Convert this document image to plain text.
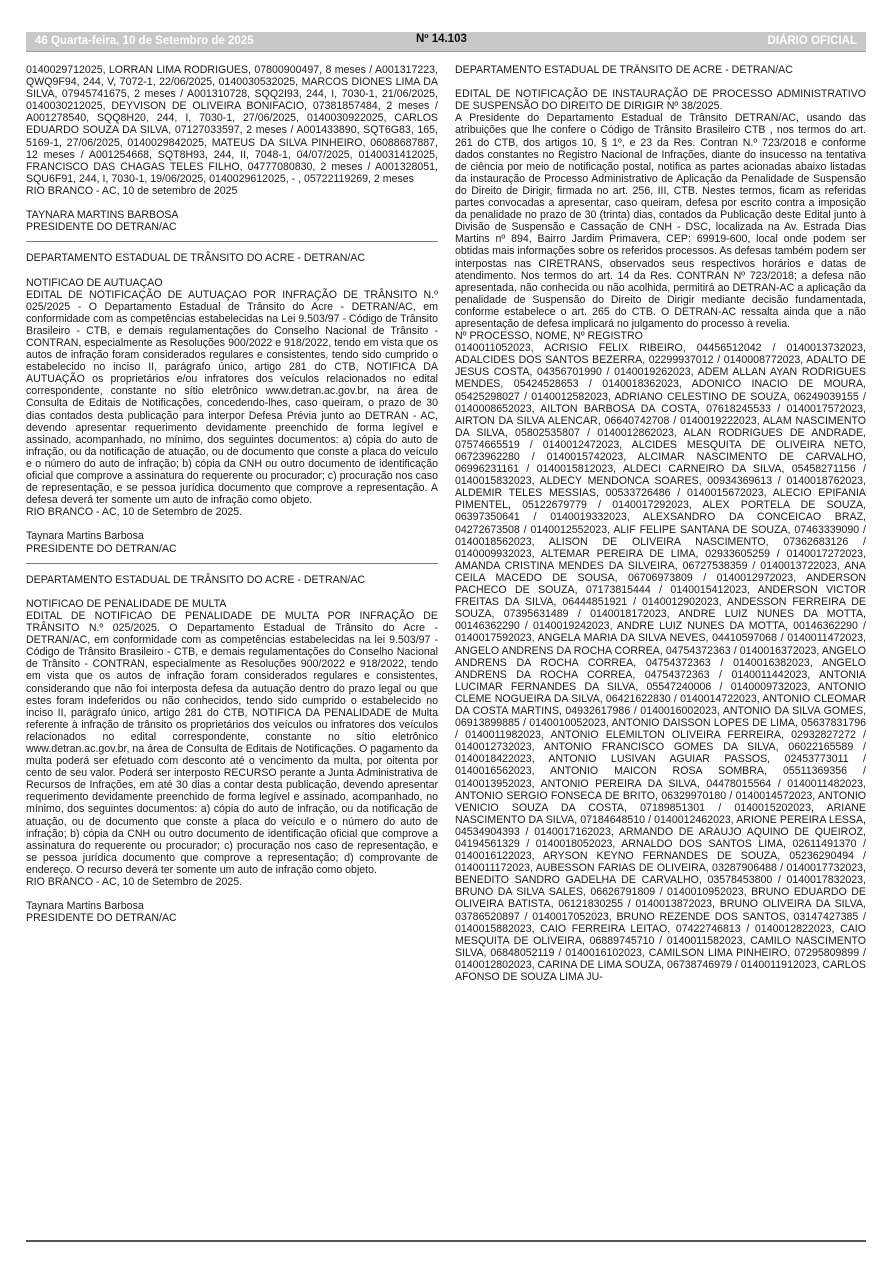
46 Quarta-feira, 10 de Setembro de 2025	Nº 14.103	DIÁRIO OFICIAL

0140029712025, LORRAN LIMA RODRIGUES, 07800900497, 8 meses / A001317223, QWQ9F94, 244, V, 7072-1, 22/06/2025, 0140030532025, MARCOS DIONES LIMA DA SILVA, 07945741675, 2 meses / A001310728, SQQ2I93, 244, I, 7030-1, 21/06/2025, 0140030212025, DEYVISON DE OLIVEIRA BONIFACIO, 07381857484, 2 meses / A001278540, SQQ8H20, 244, I, 7030-1, 27/06/2025, 0140030922025, CARLOS EDUARDO SOUZA DA SILVA, 07127033597, 2 meses / A001433890, SQT6G83, 165, 5169-1, 27/06/2025, 0140029842025, MATEUS DA SILVA PINHEIRO, 06088687887, 12 meses / A001254668, SQT8H93, 244, II, 7048-1, 04/07/2025, 0140031412025, FRANCISCO DAS CHAGAS TELES FILHO, 04777080830, 2 meses / A001328051, SQU6F91, 244, I, 7030-1, 19/06/2025, 0140029612025, - , 05722119269, 2 meses

RIO BRANCO - AC, 10 de setembro de 2025

TAYNARA MARTINS BARBOSA

PRESIDENTE DO DETRAN/AC

DEPARTAMENTO ESTADUAL DE TRÂNSITO DO ACRE - DETRAN/AC

NOTIFICAO DE AUTUAÇAO

EDITAL DE NOTIFICAÇÃO DE AUTUAÇAO POR INFRAÇÃO DE TRÂNSITO N.º 025/2025 - O Departamento Estadual de Trânsito do Acre - DETRAN/AC, em conformidade com as competências estabelecidas na Lei 9.503/97 - Código de Trânsito Brasileiro - CTB, e demais regulamentações do Conselho Nacional de Trânsito - CONTRAN, especialmente as Resoluções 900/2022 e 918/2022, tendo em vista que os autos de infração foram considerados regulares e consistentes, tendo sido cumprido o estabelecido no inciso II, parágrafo único, artigo 281 do CTB, NOTIFICA DA AUTUAÇÃO os proprietários e/ou infratores dos veículos relacionados no edital correspondente, constante no sítio eletrônico www.detran.ac.gov.br, na área de Consulta de Editais de Notificações, concedendo-lhes, caso queiram, o prazo de 30 dias contados desta publicação para interpor Defesa Prévia junto ao DETRAN - AC, devendo apresentar requerimento devidamente preenchido de forma legível e assinado, acompanhado, no mínimo, dos seguintes documentos: a) cópia do auto de infração, ou da notificação de atuação, ou de documento que conste a placa do veículo e o número do auto de infração; b) cópia da CNH ou outro documento de identificação oficial que comprove a assinatura do requerente ou procurador; c) procuração nos caso de representação, e se pessoa jurídica documento que comprove a representação. A defesa deverá ter somente um auto de infração como objeto.

RIO BRANCO - AC, 10 de Setembro de 2025.

Taynara Martins Barbosa

PRESIDENTE DO DETRAN/AC

DEPARTAMENTO ESTADUAL DE TRÂNSITO DO ACRE - DETRAN/AC

NOTIFICAO DE PENALIDADE DE MULTA

EDITAL DE NOTIFICAO DE PENALIDADE DE MULTA POR INFRAÇÃO DE TRÂNSITO N.º 025/2025. O Departamento Estadual de Trânsito do Acre - DETRAN/AC, em conformidade com as competências estabelecidas na lei 9.503/97 - Código de Trânsito Brasileiro - CTB, e demais regulamentações do Conselho Nacional de Trânsito - CONTRAN, especialmente as Resoluções 900/2022 e 918/2022, tendo em vista que os autos de infração foram considerados regulares e consistentes, considerando que não foi interposta defesa da autuação dentro do prazo legal ou que estes foram indeferidos ou não conhecidos, tendo sido cumprido o estabelecido no inciso II, parágrafo único, artigo 281 do CTB, NOTIFICA DA PENALIDADE de Multa referente à infração de trânsito os proprietários dos veículos ou infratores dos veículos relacionados no edital correspondente, constante no sítio eletrônico www.detran.ac.gov.br, na área de Consulta de Editais de Notificações. O pagamento da multa poderá ser efetuado com desconto até o vencimento da multa, por oitenta por cento de seu valor. Poderá ser interposto RECURSO perante a Junta Administrativa de Recursos de Infrações, em até 30 dias a contar desta publicação, devendo apresentar requerimento devidamente preenchido de forma legível e assinado, acompanhado, no mínimo, dos seguintes documentos: a) cópia do auto de infração, ou da notificação de atuação, ou de documento que conste a placa do veículo e o número do auto de infração; b) cópia da CNH ou outro documento de identificação oficial que comprove a assinatura do requerente ou procurador; c) procuração nos caso de representação, e se pessoa jurídica documento que comprove a representação; d) comprovante de endereço. O recurso deverá ter somente um auto de infração como objeto.

RIO BRANCO - AC, 10 de Setembro de 2025.

Taynara Martins Barbosa

PRESIDENTE DO DETRAN/AC

DEPARTAMENTO ESTADUAL DE TRÂNSITO DE ACRE - DETRAN/AC

EDITAL DE NOTIFICAÇÃO DE INSTAURAÇÃO DE PROCESSO ADMINISTRATIVO DE SUSPENSÃO DO DIREITO DE DIRIGIR Nº 38/2025.

A Presidente do Departamento Estadual de Trânsito DETRAN/AC, usando das atribuições que lhe confere o Código de Trânsito Brasileiro CTB , nos termos do art. 261 do CTB, dos artigos 10, § 1º, e 23 da Res. Contran N.º 723/2018 e conforme dados constantes no Registro Nacional de Infrações, diante do insucesso na tentativa de ciência por meio de notificação postal, notifica as partes acionadas abaixo listadas da instauração de Processo Administrativo de Aplicação da Penalidade de Suspensão do Direito de Dirigir, firmada no art. 256, III, CTB. Nestes termos, ficam as referidas partes convocadas a apresentar, caso queiram, defesa por escrito contra a imposição da penalidade no prazo de 30 (trinta) dias, contados da Publicação deste Edital junto à Divisão de Suspensão e Cassação de CNH - DSC, localizada na Av. Estrada Dias Martins nº 894, Bairro Jardim Primavera, CEP: 69919-600, local onde podem ser obtidas mais informações sobre os referidos processos. As defesas também podem ser interpostas nas CIRETRANS, observados seus respectivos horários e datas de atendimento. Nos termos do art. 14 da Res. CONTRAN Nº 723/2018; a defesa não apresentada, não conhecida ou não acolhida, permitirá ao DETRAN-AC a aplicação da penalidade de Suspensão do Direito de Dirigir mediante decisão fundamentada, conforme estabelece o art. 265 do CTB. O DETRAN-AC ressalta ainda que a não apresentação de defesa implicará no julgamento do processo à revelia.

Nº PROCESSO, NOME, Nº REGISTRO

0140011052023, ACRISIO FELIX RIBEIRO, 04456512042 / 0140013732023, ADALCIDES DOS SANTOS BEZERRA, 02299937012 / 0140008772023, ADALTO DE JESUS COSTA, 04356701990 / 0140019262023, ADEM ALLAN AYAN RODRIGUES MENDES, 05424528653 / 0140018362023, ADONICO INACIO DE MOURA, 05425298027 / 0140012582023, ADRIANO CELESTINO DE SOUZA, 06249039155 / 0140008652023, AILTON BARBOSA DA COSTA, 07618245533 / 0140017572023, AIRTON DA SILVA ALENCAR, 06640742708 / 0140019222023, ALAM NASCIMENTO DA SILVA, 05802535807 / 0140012862023, ALAN RODRIGUES DE ANDRADE, 07574665519 / 0140012472023, ALCIDES MESQUITA DE OLIVEIRA NETO, 06723962280 / 0140015742023, ALCIMAR NASCIMENTO DE CARVALHO, 06996231161 / 0140015812023, ALDECI CARNEIRO DA SILVA, 05458271156 / 0140015832023, ALDECY MENDONCA SOARES, 00934369613 / 0140018762023, ALDEMIR TELES MESSIAS, 00533726486 / 0140015672023, ALECIO EPIFANIA PIMENTEL, 05122679779 / 0140017292023, ALEX PORTELA DE SOUZA, 06397350641 / 0140019332023, ALEXSANDRO DA CONCEICAO BRAZ, 04272673508 / 0140012552023, ALIF FELIPE SANTANA DE SOUZA, 07463339090 / 0140018562023, ALISON DE OLIVEIRA NASCIMENTO, 07362683126 / 0140009932023, ALTEMAR PEREIRA DE LIMA, 02933605259 / 0140017272023, AMANDA CRISTINA MENDES DA SILVEIRA, 06727538359 / 0140013722023, ANA CEILA MACEDO DE SOUSA, 06706973809 / 0140012972023, ANDERSON PACHECO DE SOUZA, 07173815444 / 0140015412023, ANDERSON VICTOR FREITAS DA SILVA, 06444851921 / 0140012902023, ANDESSON FERREIRA DE SOUZA, 07395631489 / 0140018172023, ANDRE LUIZ NUNES DA MOTTA, 00146362290 / 0140019242023, ANDRE LUIZ NUNES DA MOTTA, 00146362290 / 0140017592023, ANGELA MARIA DA SILVA NEVES, 04410597068 / 0140011472023, ANGELO ANDRENS DA ROCHA CORREA, 04754372363 / 0140016372023, ANGELO ANDRENS DA ROCHA CORREA, 04754372363 / 0140016382023, ANGELO ANDRENS DA ROCHA CORREA, 04754372363 / 0140011442023, ANTONIA LUCIMAR FERNANDES DA SILVA, 05547240006 / 0140009732023, ANTONIO CLEME NOGUEIRA DA SILVA, 06421622830 / 0140014722023, ANTONIO CLEOMAR DA COSTA MARTINS, 04932617986 / 0140016002023, ANTONIO DA SILVA GOMES, 06913899885 / 0140010052023, ANTONIO DAISSON LOPES DE LIMA, 05637831796 / 0140011982023, ANTONIO ELEMILTON OLIVEIRA FERREIRA, 02932827272 / 0140012732023, ANTONIO FRANCISCO GOMES DA SILVA, 06022165589 / 0140018422023, ANTONIO LUSIVAN AGUIAR PASSOS, 02453773011 / 0140016562023, ANTONIO MAICON ROSA SOMBRA, 05511369356 / 0140013952023, ANTONIO PEREIRA DA SILVA, 04478015564 / 0140011482023, ANTONIO SERGIO FONSECA DE BRITO, 06329970180 / 0140014572023, ANTONIO VENICIO SOUZA DA COSTA, 07189851301 / 0140015202023, ARIANE NASCIMENTO DA SILVA, 07184648510 / 0140012462023, ARIONE PEREIRA LESSA, 04534904393 / 0140017162023, ARMANDO DE ARAUJO AQUINO DE QUEIROZ, 04194561329 / 0140018052023, ARNALDO DOS SANTOS LIMA, 02611491370 / 0140016122023, ARYSON KEYNO FERNANDES DE SOUZA, 05236290494 / 0140011172023, AUBESSON FARIAS DE OLIVEIRA, 03287906488 / 0140017732023, BENEDITO SANDRO GADELHA DE CARVALHO, 03578453800 / 0140017832023, BRUNO DA SILVA SALES, 06626791809 / 0140010952023, BRUNO EDUARDO DE OLIVEIRA BATISTA, 06121830255 / 0140013872023, BRUNO OLIVEIRA DA SILVA, 03786520897 / 0140017052023, BRUNO REZENDE DOS SANTOS, 03147427385 / 0140015882023, CAIO FERREIRA LEITAO, 07422746813 / 0140012822023, CAIO MESQUITA DE OLIVEIRA, 06889745710 / 0140011582023, CAMILO NASCIMENTO SILVA, 06848052119 / 0140016102023, CAMILSON LIMA PINHEIRO, 07295809899 / 0140012802023, CARINA DE LIMA SOUZA, 06738746979 / 0140011912023, CARLOS AFONSO DE SOUZA LIMA JU-
